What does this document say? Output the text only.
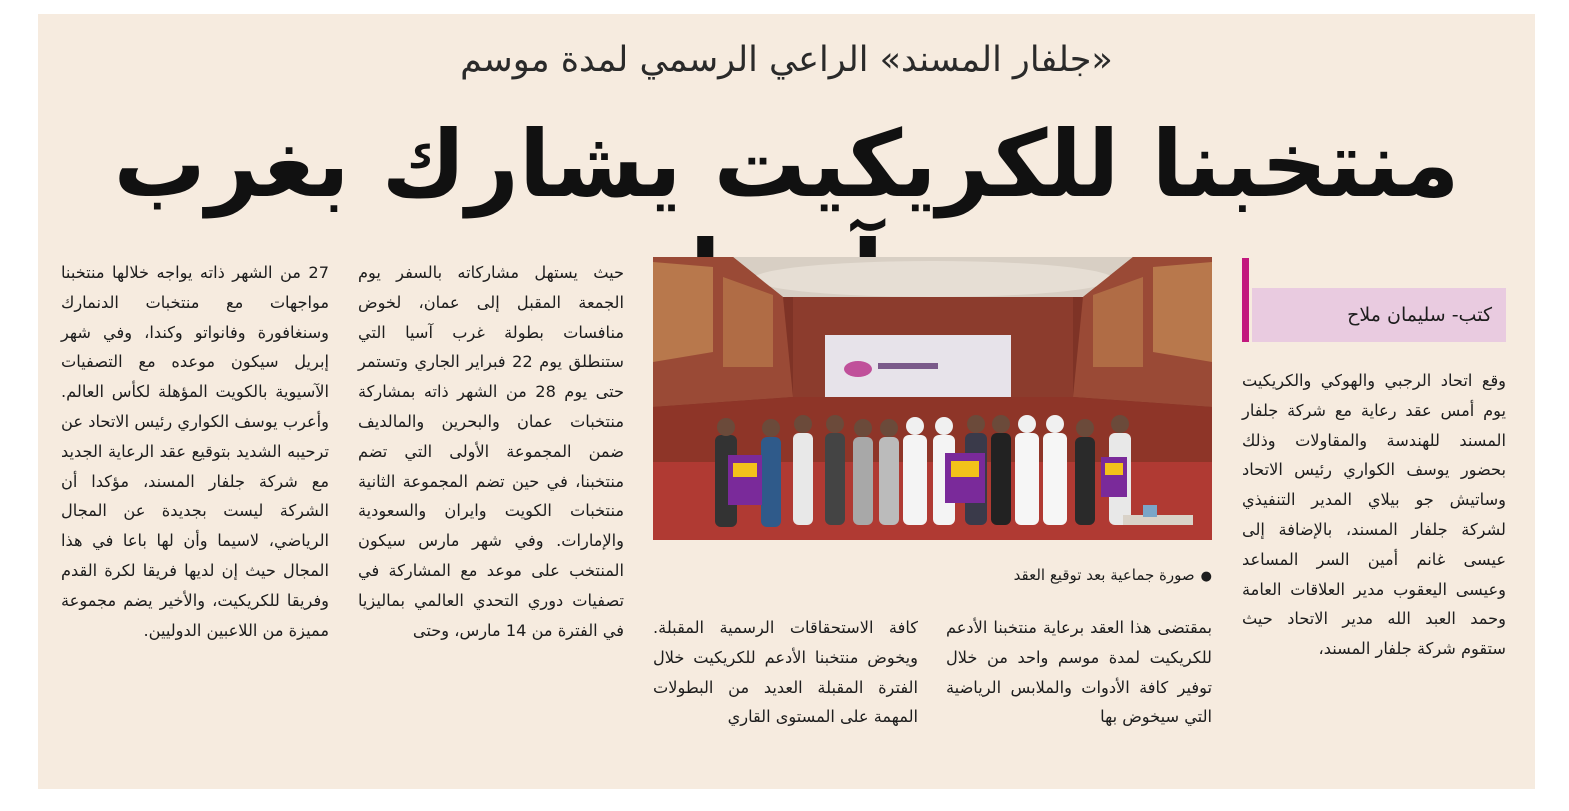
«جلفار المسند» الراعي الرسمي لمدة موسم
منتخبنا للكريكيت يشارك بغرب
كتب- سليمان ملاح
●صورة جماعية بعد توقيع العقد

وقع اتحاد الرجبي والهوكي والكريكيت يوم أمس عقد رعاية مع شركة جلفار المسند للهندسة والمقاولات وذلك بحضور يوسف الكواري رئيس الاتحاد وساتيش جو بيلاي المدير التنفيذي لشركة جلفار المسند، بالإضافة إلى عيسى غانم أمين السر المساعد وعيسى اليعقوب مدير العلاقات العامة وحمد العبد الله مدير الاتحاد حيث ستقوم شركة جلفار المسند،

بمقتضى هذا العقد برعاية منتخبنا الأدعم للكريكيت لمدة موسم واحد من خلال توفير كافة الأدوات والملابس الرياضية التي سيخوض بها

كافة الاستحقاقات الرسمية المقبلة. ويخوض منتخبنا الأدعم للكريكيت خلال الفترة المقبلة العديد من البطولات المهمة على المستوى القاري

حيث يستهل مشاركاته بالسفر يوم الجمعة المقبل إلى عمان، لخوض منافسات بطولة غرب آسيا التي ستنطلق يوم 22 فبراير الجاري وتستمر حتى يوم 28 من الشهر ذاته بمشاركة منتخبات عمان والبحرين والمالديف ضمن المجموعة الأولى التي تضم منتخبنا، في حين تضم المجموعة الثانية منتخبات الكويت وايران والسعودية والإمارات. وفي شهر مارس سيكون المنتخب على موعد مع المشاركة في تصفيات دوري التحدي العالمي بماليزيا في الفترة من 14 مارس، وحتى

27 من الشهر ذاته يواجه خلالها منتخبنا مواجهات مع منتخبات الدنمارك وسنغافورة وفانواتو وكندا، وفي شهر إبريل سيكون موعده مع التصفيات الآسيوية بالكويت المؤهلة لكأس العالم. وأعرب يوسف الكواري رئيس الاتحاد عن ترحيبه الشديد بتوقيع عقد الرعاية الجديد مع شركة جلفار المسند، مؤكدا أن الشركة ليست بجديدة عن المجال الرياضي، لاسيما وأن لها باعا في هذا المجال حيث إن لديها فريقا لكرة القدم وفريقا للكريكيت، والأخير يضم مجموعة مميزة من اللاعبين الدوليين.
